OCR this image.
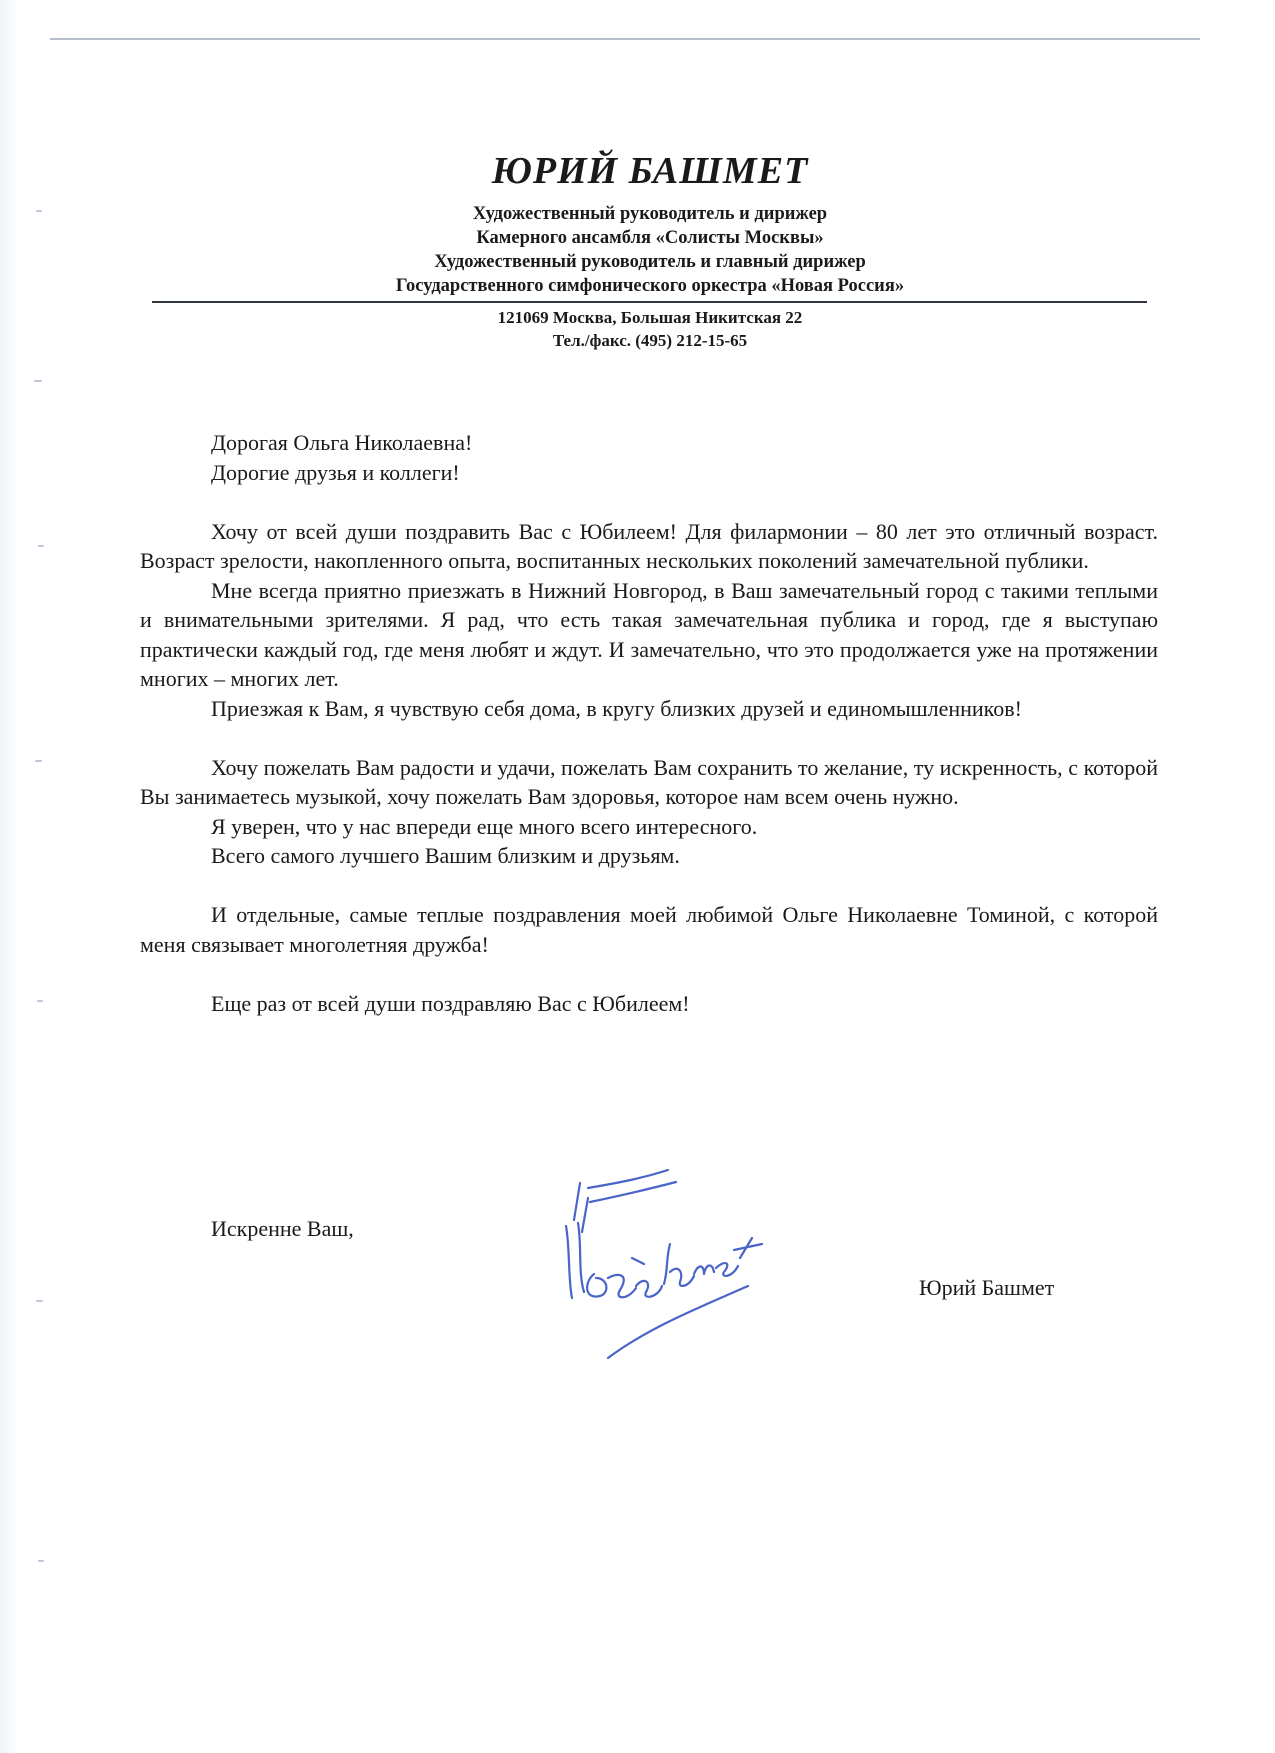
ЮРИЙ БАШМЕТ

Художественный руководитель и дирижер

Камерного ансамбля «Солисты Москвы»

Художественный руководитель и главный дирижер

Государственного симфонического оркестра «Новая Россия»

121069 Москва, Большая Никитская 22

Тел./факс. (495) 212-15-65

Дорогая Ольга Николаевна!

Дорогие друзья и коллеги!

Хочу от всей души поздравить Вас с Юбилеем! Для филармонии – 80 лет это отличный возраст. Возраст зрелости, накопленного опыта, воспитанных нескольких поколений замечательной публики.

Мне всегда приятно приезжать в Нижний Новгород, в Ваш замечательный город с такими теплыми и внимательными зрителями. Я рад, что есть такая замечательная публика и город, где я выступаю практически каждый год, где меня любят и ждут. И замечательно, что это продолжается уже на протяжении многих – многих лет.

Приезжая к Вам, я чувствую себя дома, в кругу близких друзей и единомышленников!

Хочу пожелать Вам радости и удачи, пожелать Вам сохранить то желание, ту искренность, с которой Вы занимаетесь музыкой, хочу пожелать Вам здоровья, которое нам всем очень нужно.

Я уверен, что у нас впереди еще много всего интересного.

Всего самого лучшего Вашим близким и друзьям.

И отдельные, самые теплые поздравления моей любимой Ольге Николаевне Томиной, с которой меня связывает многолетняя дружба!

Еще раз от всей души поздравляю Вас с Юбилеем!

Искренне Ваш,
Юрий Башмет
